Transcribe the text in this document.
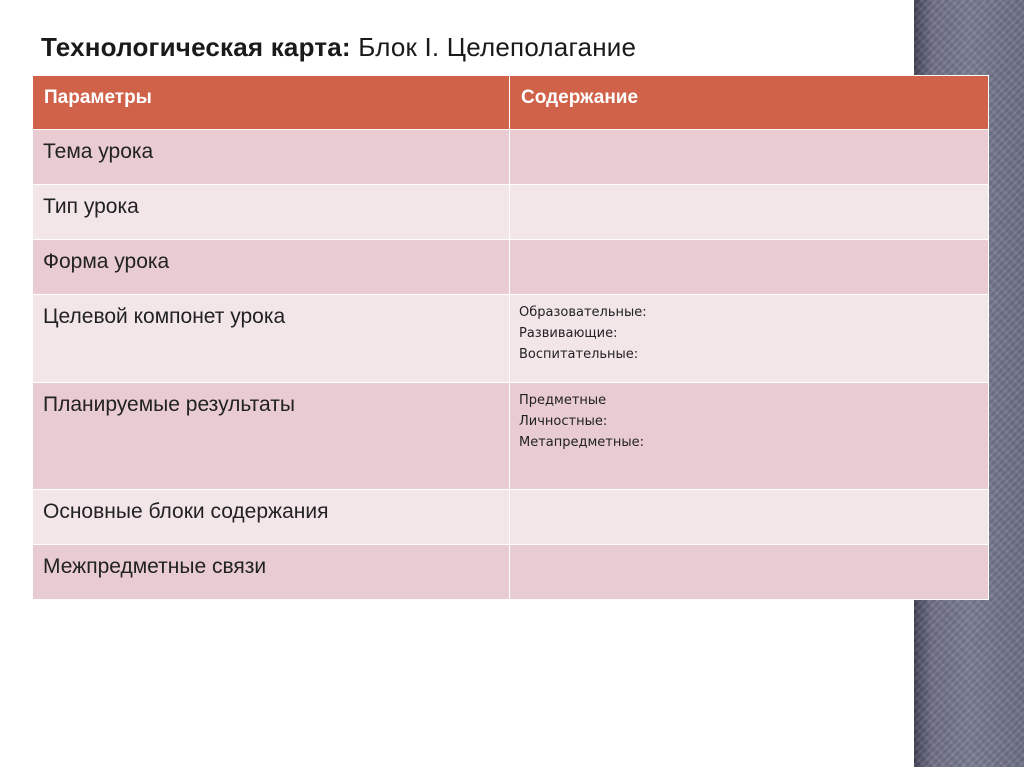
Технологическая карта: Блок I. Целеполагание
Параметры	Содержание
Тема урока	
Тип урока	
Форма урока	
Целевой компонет урока	Образовательные:
Развивающие:
Воспитательные:

Планируемые результаты	Предметные
Личностные:
Метапредметные:

Основные блоки содержания	
Межпредметные связи	
